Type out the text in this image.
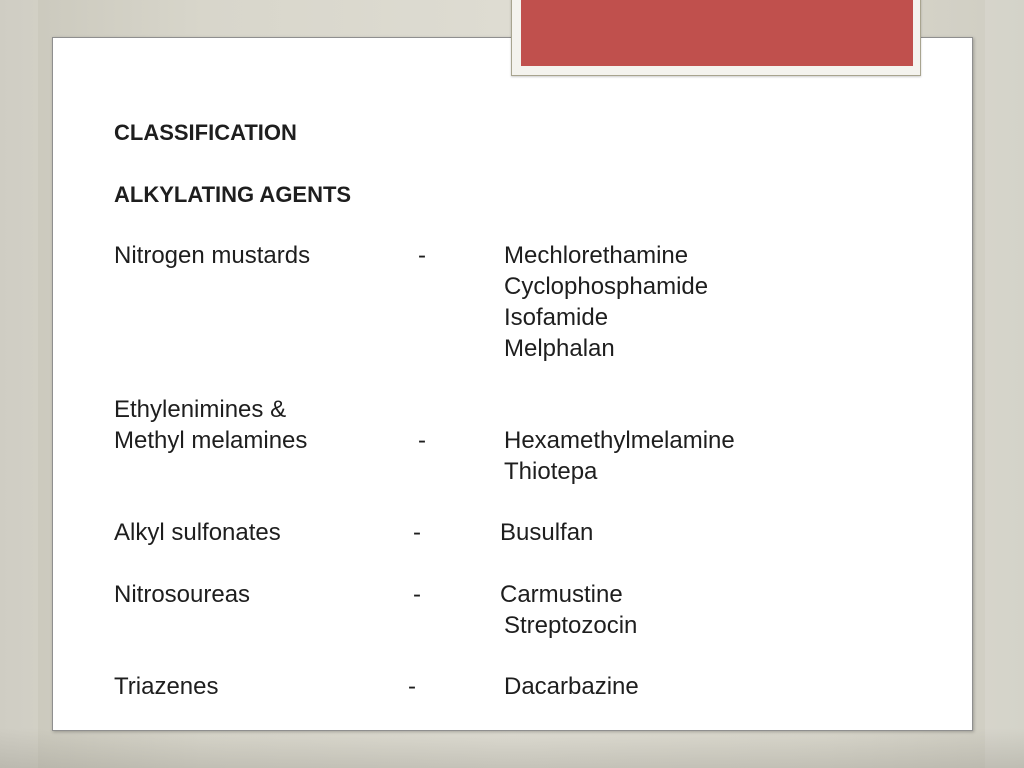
CLASSIFICATION
ALKYLATING AGENTS
Nitrogen mustards	-	Mechlorethamine
Cyclophosphamide
Isofamide
Melphalan
Ethylenimines &
Methyl melamines	-	Hexamethylmelamine
Thiotepa
Alkyl sulfonates	-	Busulfan
Nitrosoureas	-	Carmustine
Streptozocin
Triazenes	-	Dacarbazine
